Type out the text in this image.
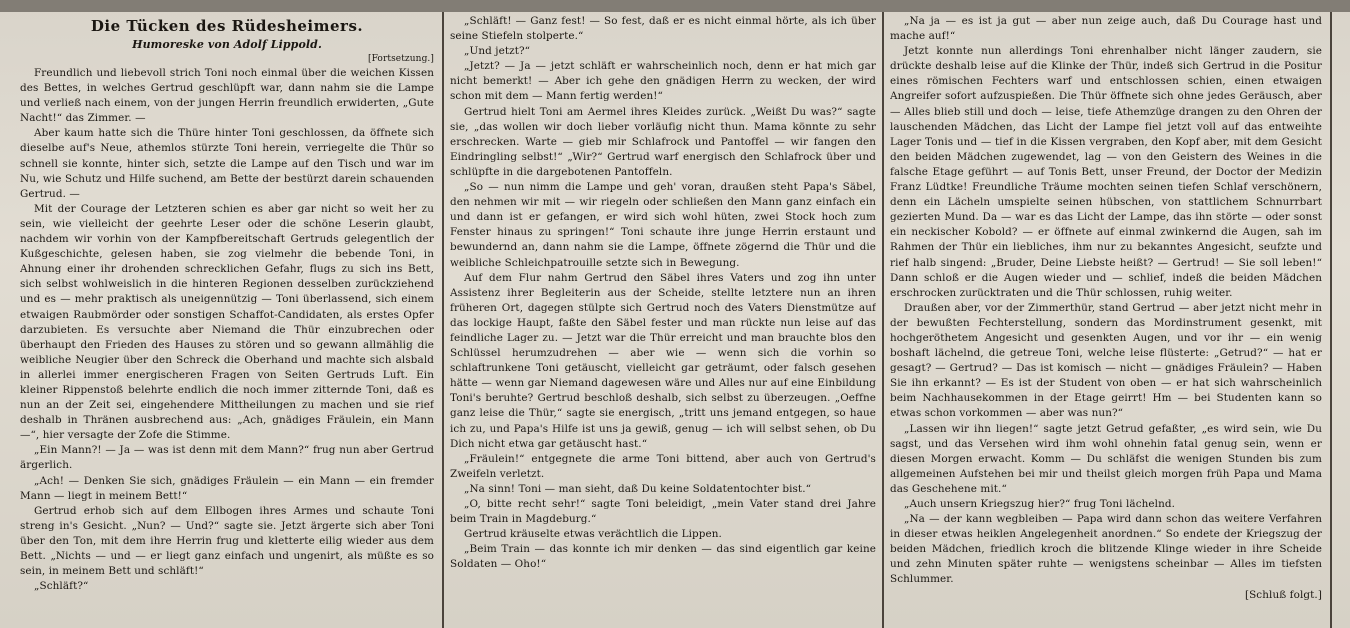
Die Tücken des Rüdesheimers.
Humoreske von Adolf Lippold.
[Fortsetzung.]

Freundlich und liebevoll strich Toni noch einmal über die weichen Kissen des Bettes, in welches Gertrud geschlüpft war, dann nahm sie die Lampe und verließ nach einem, von der jungen Herrin freundlich erwiderten, „Gute Nacht!“ das Zimmer. —

Aber kaum hatte sich die Thüre hinter Toni geschlossen, da öffnete sich dieselbe auf's Neue, athemlos stürzte Toni herein, verriegelte die Thür so schnell sie konnte, hinter sich, setzte die Lampe auf den Tisch und war im Nu, wie Schutz und Hilfe suchend, am Bette der bestürzt darein schauenden Gertrud. —

Mit der Courage der Letzteren schien es aber gar nicht so weit her zu sein, wie vielleicht der geehrte Leser oder die schöne Leserin glaubt, nachdem wir vorhin von der Kampfbereitschaft Gertruds gelegentlich der Kußgeschichte, gelesen haben, sie zog vielmehr die bebende Toni, in Ahnung einer ihr drohenden schrecklichen Gefahr, flugs zu sich ins Bett, sich selbst wohlweislich in die hinteren Regionen desselben zurückziehend und es — mehr praktisch als uneigennützig — Toni überlassend, sich einem etwaigen Raubmörder oder sonstigen Schaffot-Candidaten, als erstes Opfer darzubieten. Es versuchte aber Niemand die Thür einzubrechen oder überhaupt den Frieden des Hauses zu stören und so gewann allmählig die weibliche Neugier über den Schreck die Oberhand und machte sich alsbald in allerlei immer energischeren Fragen von Seiten Gertruds Luft. Ein kleiner Rippenstoß belehrte endlich die noch immer zitternde Toni, daß es nun an der Zeit sei, eingehendere Mittheilungen zu machen und sie rief deshalb in Thränen ausbrechend aus: „Ach, gnädiges Fräulein, ein Mann —“, hier versagte der Zofe die Stimme.

„Ein Mann?! — Ja — was ist denn mit dem Mann?“ frug nun aber Gertrud ärgerlich.

„Ach! — Denken Sie sich, gnädiges Fräulein — ein Mann — ein fremder Mann — liegt in meinem Bett!“

Gertrud erhob sich auf dem Ellbogen ihres Armes und schaute Toni streng in's Gesicht. „Nun? — Und?“ sagte sie. Jetzt ärgerte sich aber Toni über den Ton, mit dem ihre Herrin frug und kletterte eilig wieder aus dem Bett. „Nichts — und — er liegt ganz einfach und ungenirt, als müßte es so sein, in meinem Bett und schläft!“

„Schläft?“

„Schläft! — Ganz fest! — So fest, daß er es nicht einmal hörte, als ich über seine Stiefeln stolperte.“

„Und jetzt?“

„Jetzt? — Ja — jetzt schläft er wahrscheinlich noch, denn er hat mich gar nicht bemerkt! — Aber ich gehe den gnädigen Herrn zu wecken, der wird schon mit dem — Mann fertig werden!“

Gertrud hielt Toni am Aermel ihres Kleides zurück. „Weißt Du was?“ sagte sie, „das wollen wir doch lieber vorläufig nicht thun. Mama könnte zu sehr erschrecken. Warte — gieb mir Schlafrock und Pantoffel — wir fangen den Eindringling selbst!“ „Wir?“ Gertrud warf energisch den Schlafrock über und schlüpfte in die dargebotenen Pantoffeln.

„So — nun nimm die Lampe und geh' voran, draußen steht Papa's Säbel, den nehmen wir mit — wir riegeln oder schließen den Mann ganz einfach ein und dann ist er gefangen, er wird sich wohl hüten, zwei Stock hoch zum Fenster hinaus zu springen!“ Toni schaute ihre junge Herrin erstaunt und bewundernd an, dann nahm sie die Lampe, öffnete zögernd die Thür und die weibliche Schleichpatrouille setzte sich in Bewegung.

Auf dem Flur nahm Gertrud den Säbel ihres Vaters und zog ihn unter Assistenz ihrer Begleiterin aus der Scheide, stellte letztere nun an ihren früheren Ort, dagegen stülpte sich Gertrud noch des Vaters Dienstmütze auf das lockige Haupt, faßte den Säbel fester und man rückte nun leise auf das feindliche Lager zu. — Jetzt war die Thür erreicht und man brauchte blos den Schlüssel herumzudrehen — aber wie — wenn sich die vorhin so schlaftrunkene Toni getäuscht, vielleicht gar geträumt, oder falsch gesehen hätte — wenn gar Niemand dagewesen wäre und Alles nur auf eine Einbildung Toni's beruhte? Gertrud beschloß deshalb, sich selbst zu überzeugen. „Oeffne ganz leise die Thür,“ sagte sie energisch, „tritt uns jemand entgegen, so haue ich zu, und Papa's Hilfe ist uns ja gewiß, genug — ich will selbst sehen, ob Du Dich nicht etwa gar getäuscht hast.“

„Fräulein!“ entgegnete die arme Toni bittend, aber auch von Gertrud's Zweifeln verletzt.

„Na sinn! Toni — man sieht, daß Du keine Soldatentochter bist.“

„O, bitte recht sehr!“ sagte Toni beleidigt, „mein Vater stand drei Jahre beim Train in Magdeburg.“

Gertrud kräuselte etwas verächtlich die Lippen.

„Beim Train — das konnte ich mir denken — das sind eigentlich gar keine Soldaten — Oho!“

„Na ja — es ist ja gut — aber nun zeige auch, daß Du Courage hast und mache auf!“

Jetzt konnte nun allerdings Toni ehrenhalber nicht länger zaudern, sie drückte deshalb leise auf die Klinke der Thür, indeß sich Gertrud in die Positur eines römischen Fechters warf und entschlossen schien, einen etwaigen Angreifer sofort aufzuspießen. Die Thür öffnete sich ohne jedes Geräusch, aber — Alles blieb still und doch — leise, tiefe Athemzüge drangen zu den Ohren der lauschenden Mädchen, das Licht der Lampe fiel jetzt voll auf das entweihte Lager Tonis und — tief in die Kissen vergraben, den Kopf aber, mit dem Gesicht den beiden Mädchen zugewendet, lag — von den Geistern des Weines in die falsche Etage geführt — auf Tonis Bett, unser Freund, der Doctor der Medizin Franz Lüdtke! Freundliche Träume mochten seinen tiefen Schlaf verschönern, denn ein Lächeln umspielte seinen hübschen, von stattlichem Schnurrbart gezierten Mund. Da — war es das Licht der Lampe, das ihn störte — oder sonst ein neckischer Kobold? — er öffnete auf einmal zwinkernd die Augen, sah im Rahmen der Thür ein liebliches, ihm nur zu bekanntes Angesicht, seufzte und rief halb singend: „Bruder, Deine Liebste heißt? — Gertrud! — Sie soll leben!“ Dann schloß er die Augen wieder und — schlief, indeß die beiden Mädchen erschrocken zurücktraten und die Thür schlossen, ruhig weiter.

Draußen aber, vor der Zimmerthür, stand Gertrud — aber jetzt nicht mehr in der bewußten Fechterstellung, sondern das Mordinstrument gesenkt, mit hochgeröthetem Angesicht und gesenkten Augen, und vor ihr — ein wenig boshaft lächelnd, die getreue Toni, welche leise flüsterte: „Getrud?“ — hat er gesagt? — Gertrud? — Das ist komisch — nicht — gnädiges Fräulein? — Haben Sie ihn erkannt? — Es ist der Student von oben — er hat sich wahrscheinlich beim Nachhausekommen in der Etage geirrt! Hm — bei Studenten kann so etwas schon vorkommen — aber was nun?“

„Lassen wir ihn liegen!“ sagte jetzt Getrud gefaßter, „es wird sein, wie Du sagst, und das Versehen wird ihm wohl ohnehin fatal genug sein, wenn er diesen Morgen erwacht. Komm — Du schläfst die wenigen Stunden bis zum allgemeinen Aufstehen bei mir und theilst gleich morgen früh Papa und Mama das Geschehene mit.“

„Auch unsern Kriegszug hier?“ frug Toni lächelnd.

„Na — der kann wegbleiben — Papa wird dann schon das weitere Verfahren in dieser etwas heiklen Angelegenheit anordnen.“ So endete der Kriegszug der beiden Mädchen, friedlich kroch die blitzende Klinge wieder in ihre Scheide und zehn Minuten später ruhte — wenigstens scheinbar — Alles im tiefsten Schlummer.

[Schluß folgt.]
